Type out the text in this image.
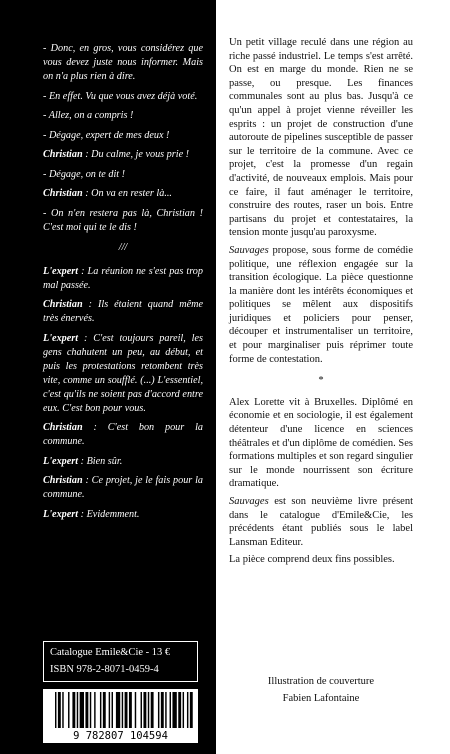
- Donc, en gros, vous considérez que vous devez juste nous informer. Mais on n'a plus rien à dire.

- En effet. Vu que vous avez déjà voté.

- Allez, on a compris !

- Dégage, expert de mes deux !

Christian : Du calme, je vous prie !

- Dégage, on te dit !

Christian : On va en rester là...

- On n'en restera pas là, Christian ! C'est moi qui te le dis !

///

L'expert : La réunion ne s'est pas trop mal passée.

Christian : Ils étaient quand même très énervés.

L'expert : C'est toujours pareil, les gens chahutent un peu, au début, et puis les protestations retombent très vite, comme un soufflé. (...) L'essentiel, c'est qu'ils ne soient pas d'accord entre eux. C'est bon pour vous.

Christian : C'est bon pour la commune.

L'expert : Bien sûr.

Christian : Ce projet, je le fais pour la commune.

L'expert : Evidemment.

Catalogue Emile&Cie - 13 €
ISBN 978-2-8071-0459-4
9 782807 104594

Un petit village reculé dans une région au riche passé industriel. Le temps s'est arrêté. On est en marge du monde. Rien ne se passe, ou presque. Les finances communales sont au plus bas. Jusqu'à ce qu'un appel à projet vienne réveiller les esprits : un projet de construction d'une autoroute de pipelines susceptible de passer sur le territoire de la commune. Avec ce projet, c'est la promesse d'un regain d'activité, de nouveaux emplois. Mais pour ce faire, il faut aménager le territoire, construire des routes, raser un bois. Entre partisans du projet et contestataires, la tension monte jusqu'au paroxysme.

Sauvages propose, sous forme de comédie politique, une réflexion engagée sur la transition écologique. La pièce questionne la manière dont les intérêts économiques et politiques se mêlent aux dispositifs juridiques et policiers pour penser, découper et instrumentaliser un territoire, et pour marginaliser puis réprimer toute forme de contestation.

*

Alex Lorette vit à Bruxelles. Diplômé en économie et en sociologie, il est également détenteur d'une licence en sciences théâtrales et d'un diplôme de comédien. Ses formations multiples et son regard singulier sur le monde nourrissent son écriture dramatique.

Sauvages est son neuvième livre présent dans le catalogue d'Emile&Cie, les précédents étant publiés sous le label Lansman Editeur.

La pièce comprend deux fins possibles.

Illustration de couverture
Fabien Lafontaine
